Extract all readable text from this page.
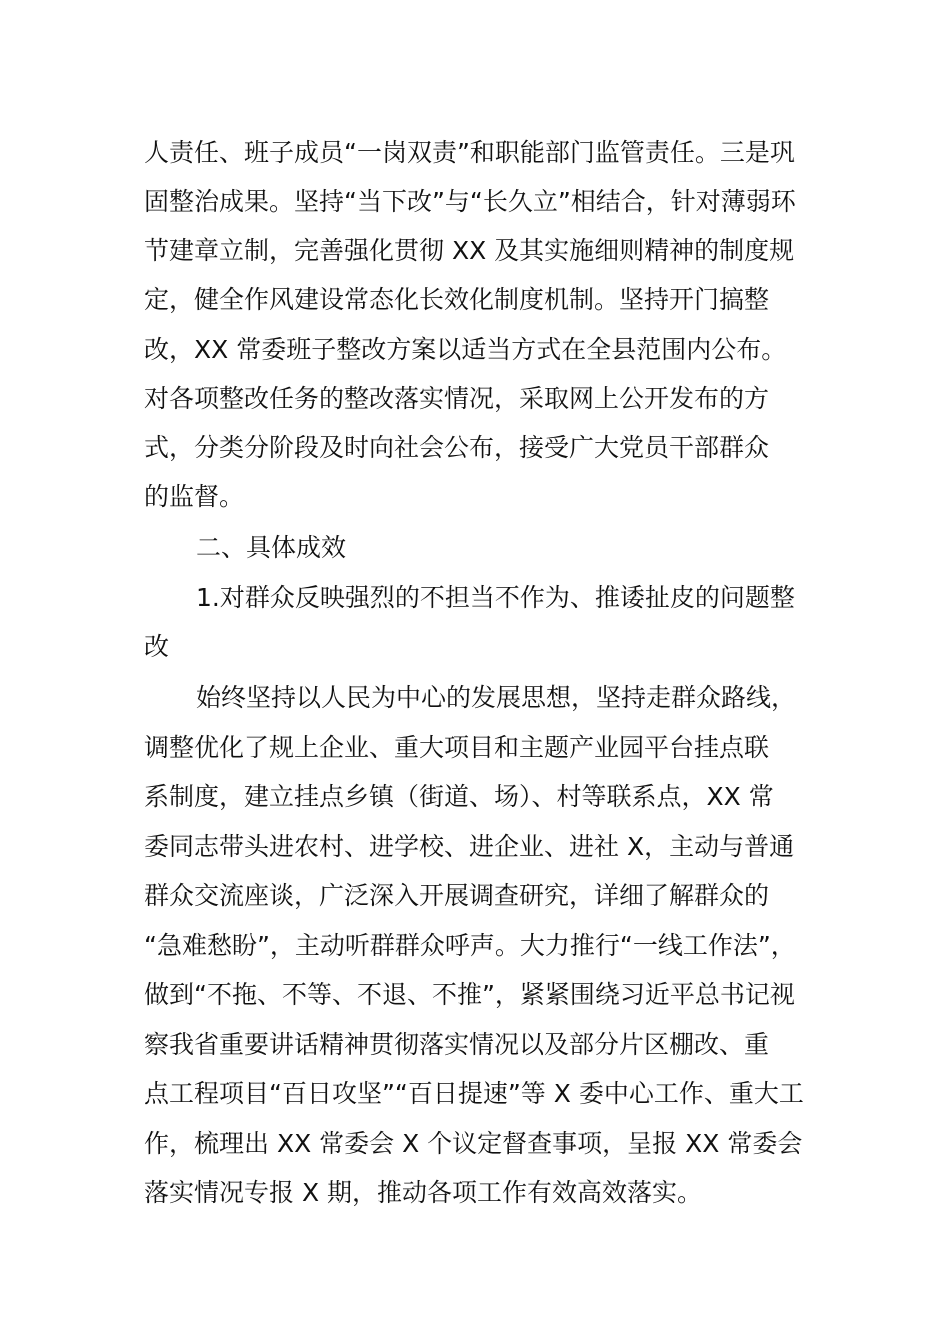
人责任、班子成员“一岗双责”和职能部门监管责任。三是巩
固整治成果。坚持“当下改”与“长久立”相结合，针对薄弱环
节建章立制，完善强化贯彻 XX 及其实施细则精神的制度规
定，健全作风建设常态化长效化制度机制。坚持开门搞整
改，XX 常委班子整改方案以适当方式在全县范围内公布。
对各项整改任务的整改落实情况，采取网上公开发布的方
式，分类分阶段及时向社会公布，接受广大党员干部群众
的监督。
二、具体成效
1.对群众反映强烈的不担当不作为、推诿扯皮的问题整
改
始终坚持以人民为中心的发展思想，坚持走群众路线，
调整优化了规上企业、重大项目和主题产业园平台挂点联
系制度，建立挂点乡镇（街道、场）、村等联系点，XX 常
委同志带头进农村、进学校、进企业、进社 X，主动与普通
群众交流座谈，广泛深入开展调查研究，详细了解群众的
“急难愁盼”，主动听群群众呼声。大力推行“一线工作法”，
做到“不拖、不等、不退、不推”，紧紧围绕习近平总书记视
察我省重要讲话精神贯彻落实情况以及部分片区棚改、重
点工程项目“百日攻坚”“百日提速”等 X 委中心工作、重大工
作，梳理出 XX 常委会 X 个议定督查事项，呈报 XX 常委会
落实情况专报 X 期，推动各项工作有效高效落实。
